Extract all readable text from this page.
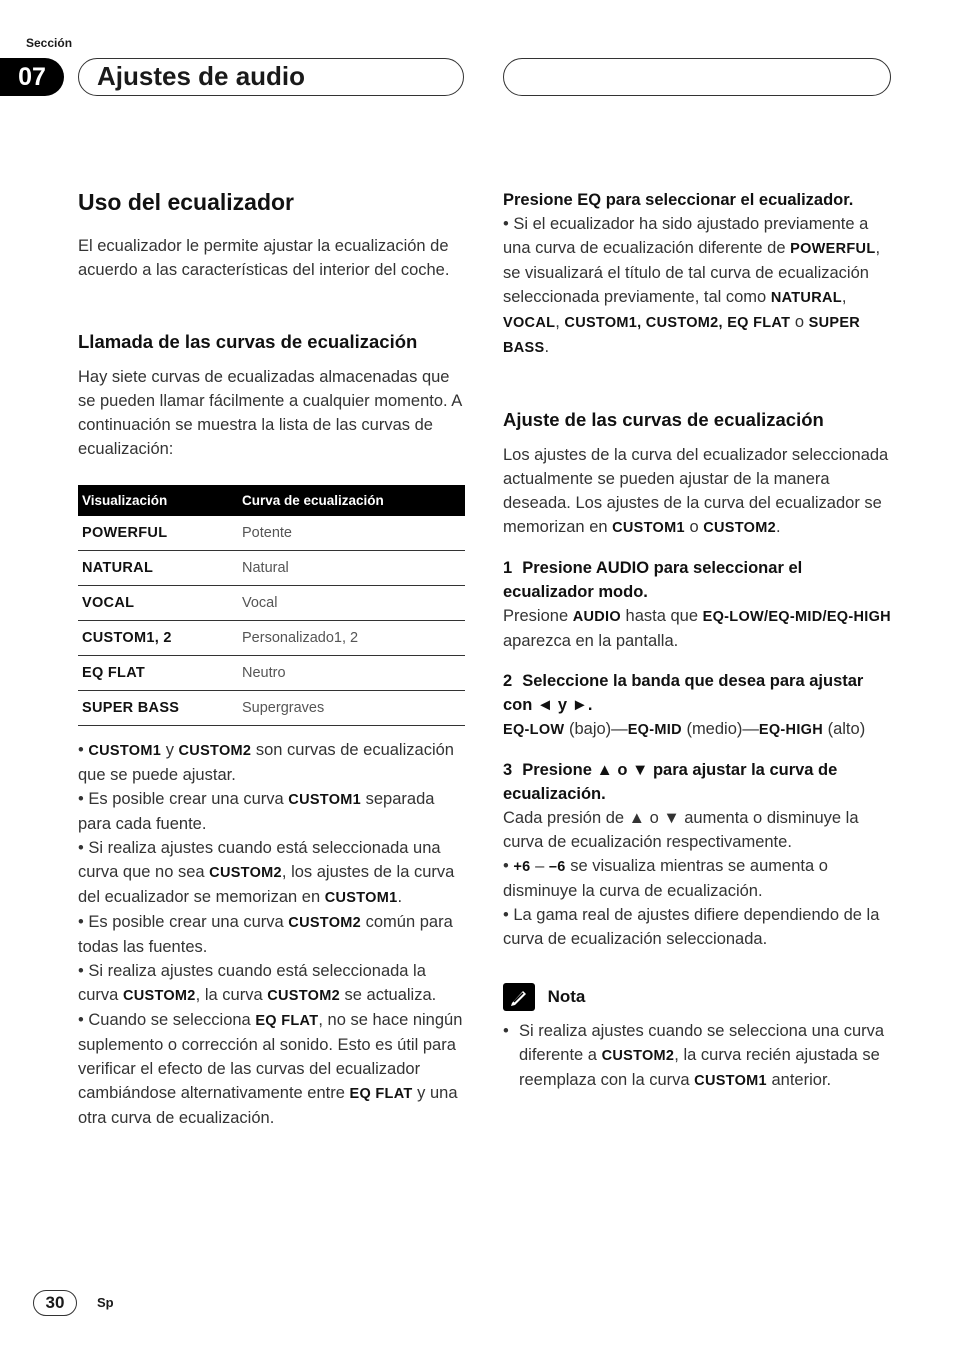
Sección
07	Ajustes de audio
Uso del ecualizador

El ecualizador le permite ajustar la ecualización de acuerdo a las características del interior del coche.

Llamada de las curvas de ecualización

Hay siete curvas de ecualizadas almacenadas que se pueden llamar fácilmente a cualquier momento. A continuación se muestra la lista de las curvas de ecualización:

Visualización	Curva de ecualización
POWERFUL	Potente
NATURAL	Natural
VOCAL	Vocal
CUSTOM1, 2	Personalizado1, 2
EQ FLAT	Neutro
SUPER BASS	Supergraves

• CUSTOM1 y CUSTOM2 son curvas de ecualización que se puede ajustar.

• Es posible crear una curva CUSTOM1 separada para cada fuente.

• Si realiza ajustes cuando está seleccionada una curva que no sea CUSTOM2, los ajustes de la curva del ecualizador se memorizan en CUSTOM1.

• Es posible crear una curva CUSTOM2 común para todas las fuentes.

• Si realiza ajustes cuando está seleccionada la curva CUSTOM2, la curva CUSTOM2 se actualiza.

• Cuando se selecciona EQ FLAT, no se hace ningún suplemento o corrección al sonido. Esto es útil para verificar el efecto de las curvas del ecualizador cambiándose alternativamente entre EQ FLAT y una otra curva de ecualización.

Presione EQ para seleccionar el ecualizador.

• Si el ecualizador ha sido ajustado previamente a una curva de ecualización diferente de POWERFUL, se visualizará el título de tal curva de ecualización seleccionada previamente, tal como NATURAL, VOCAL, CUSTOM1, CUSTOM2, EQ FLAT o SUPER BASS.

Ajuste de las curvas de ecualización

Los ajustes de la curva del ecualizador seleccionada actualmente se pueden ajustar de la manera deseada. Los ajustes de la curva del ecualizador se memorizan en CUSTOM1 o CUSTOM2.

1 Presione AUDIO para seleccionar el ecualizador modo.

Presione AUDIO hasta que EQ-LOW/EQ-MID/EQ-HIGH aparezca en la pantalla.

2 Seleccione la banda que desea para ajustar con ◄ y ►.

EQ-LOW (bajo)—EQ-MID (medio)—EQ-HIGH (alto)

3 Presione ▲ o ▼ para ajustar la curva de ecualización.

Cada presión de ▲ o ▼ aumenta o disminuye la curva de ecualización respectivamente.

• +6 – –6 se visualiza mientras se aumenta o disminuye la curva de ecualización.

• La gama real de ajustes difiere dependiendo de la curva de ecualización seleccionada.

Nota
• Si realiza ajustes cuando se selecciona una curva diferente a CUSTOM2, la curva recién ajustada se reemplaza con la curva CUSTOM1 anterior.
30	Sp
